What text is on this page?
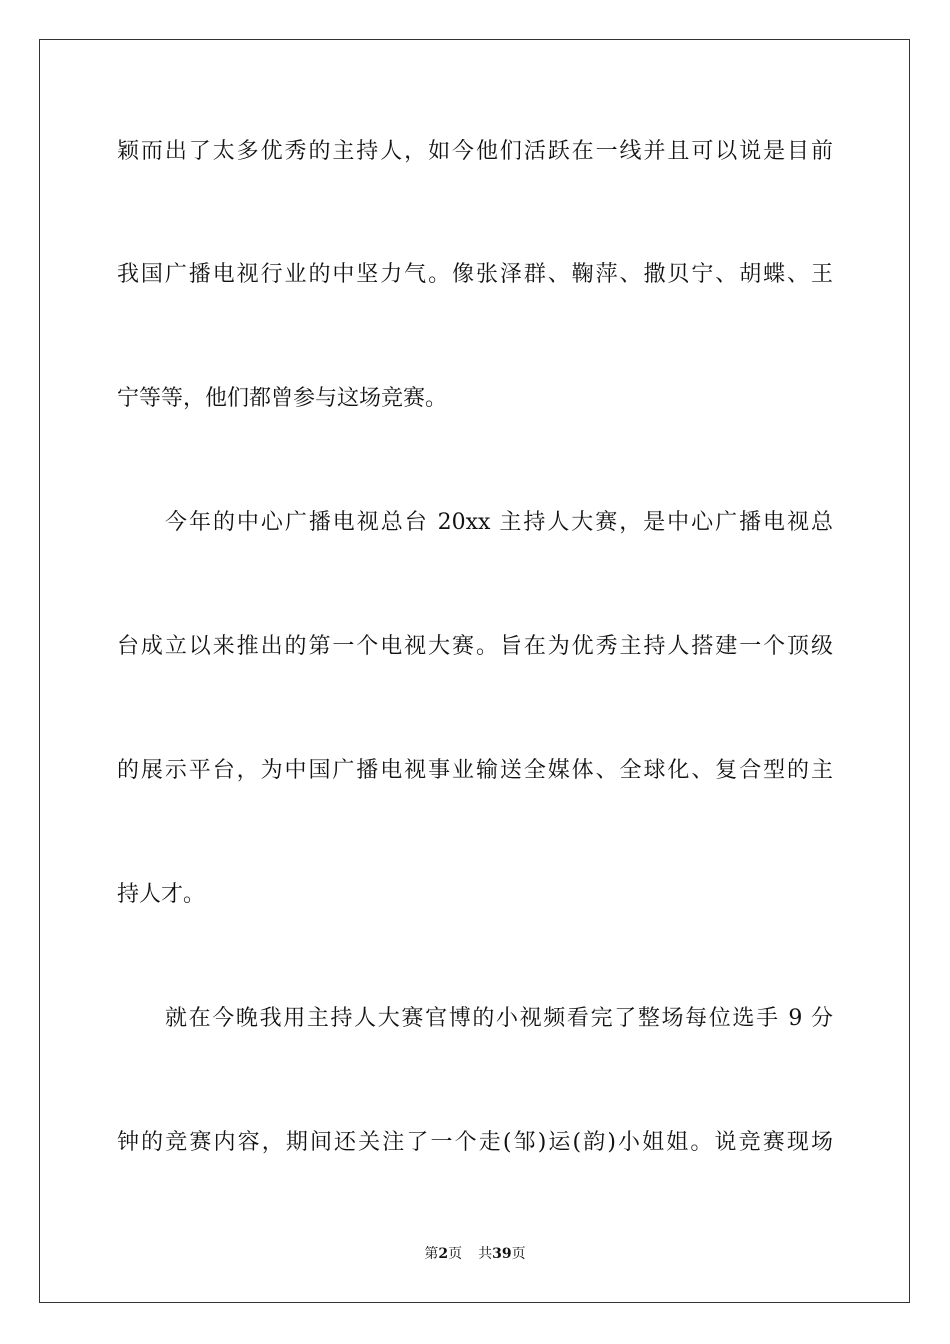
颖而出了太多优秀的主持人，如今他们活跃在一线并且可以说是目前
我国广播电视行业的中坚力气。像张泽群、鞠萍、撒贝宁、胡蝶、王
宁等等，他们都曾参与这场竞赛。
今年的中心广播电视总台 20xx 主持人大赛，是中心广播电视总
台成立以来推出的第一个电视大赛。旨在为优秀主持人搭建一个顶级
的展示平台，为中国广播电视事业输送全媒体、全球化、复合型的主
持人才。
就在今晚我用主持人大赛官博的小视频看完了整场每位选手 9 分
钟的竞赛内容，期间还关注了一个走(邹)运(韵)小姐姐。说竞赛现场
第2页 共39页
